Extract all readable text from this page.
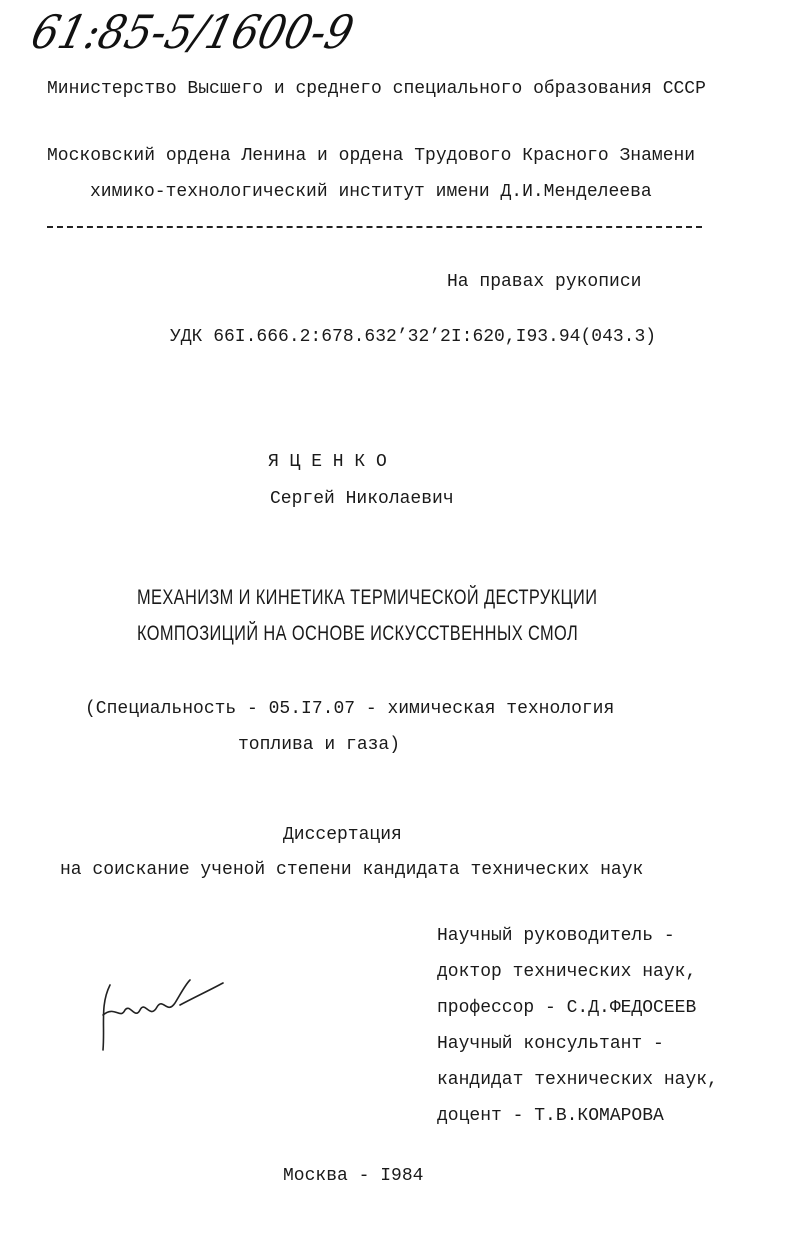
61:85-5/1600-9
Министерство Высшего и среднего специального образования СССР
Московский ордена Ленина и ордена Трудового Красного Знамени
химико-технологический институт имени Д.И.Менделеева
На правах рукописи
УДК 66I.666.2:678.632’32’2I:620,I93.94(043.3)
Я Ц Е Н К О
Сергей Николаевич
МЕХАНИЗМ И КИНЕТИКА ТЕРМИЧЕСКОЙ ДЕСТРУКЦИИ
КОМПОЗИЦИЙ НА ОСНОВЕ ИСКУССТВЕННЫХ СМОЛ
(Специальность - 05.I7.07 - химическая технология
топлива и газа)
Диссертация
на соискание ученой степени кандидата технических наук
Научный руководитель -
доктор технических наук,
профессор - С.Д.ФЕДОСЕЕВ
Научный консультант -
кандидат технических наук,
доцент - Т.В.КОМАРОВА
Москва - I984
